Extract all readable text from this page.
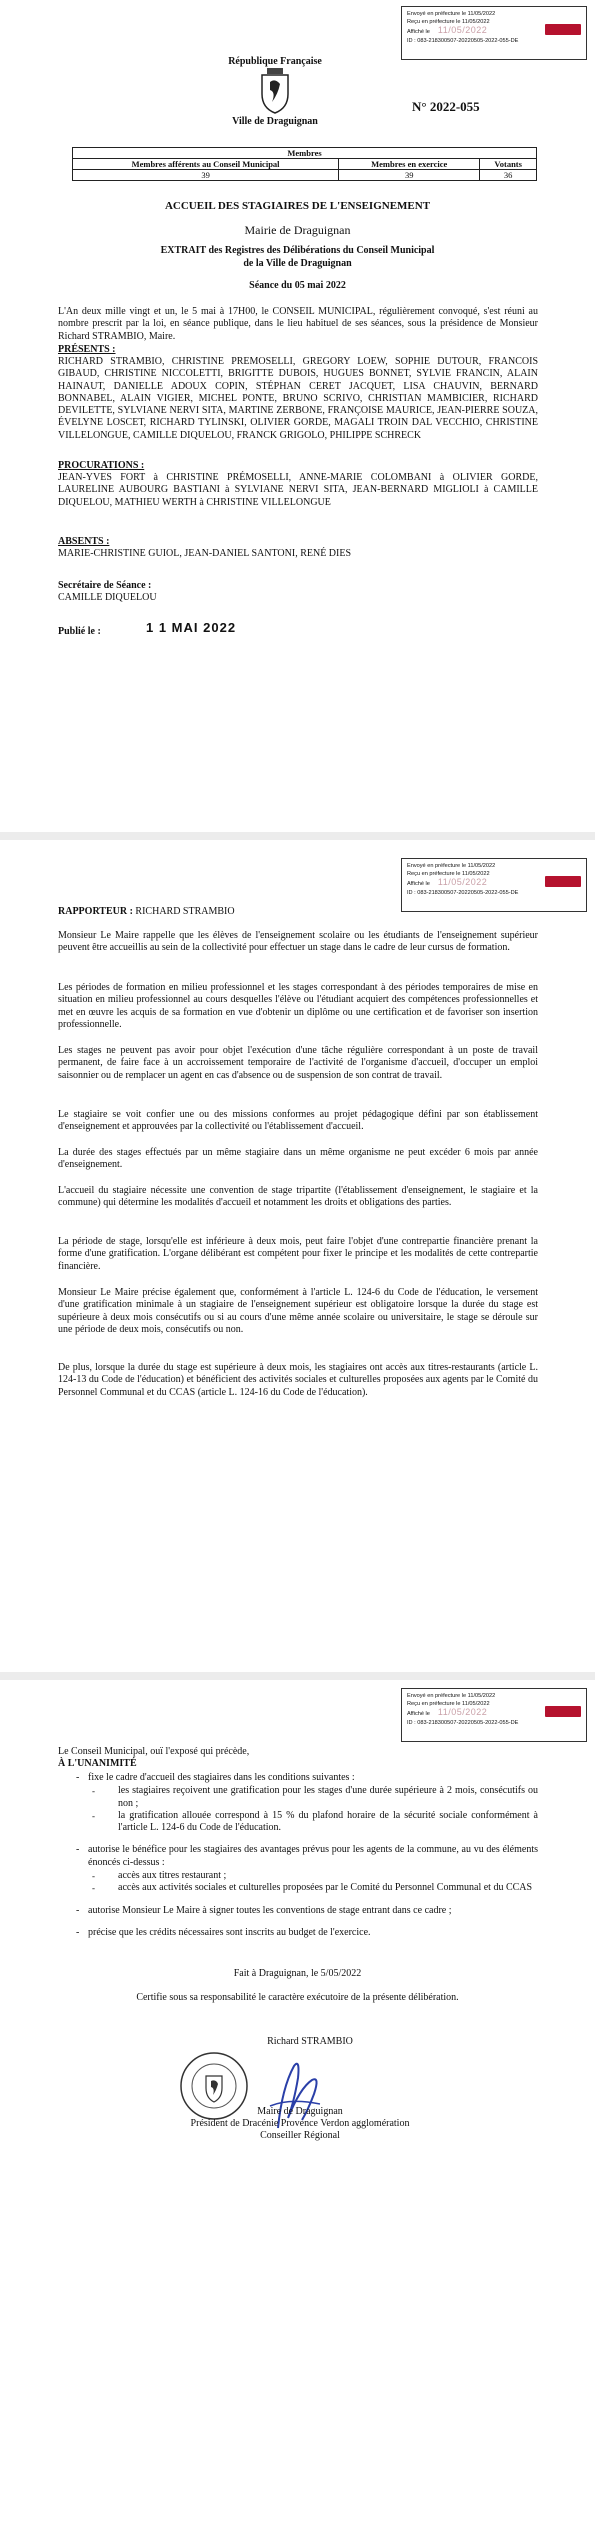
Envoyé en préfecture le 11/05/2022
Reçu en préfecture le 11/05/2022
Affiché le 11/05/2022
ID : 083-218300507-20220505-2022-055-DE
République Française
Ville de Draguignan
N° 2022-055
Membres		
Membres afférents au Conseil Municipal	Membres en exercice	Votants
39	39	36
ACCUEIL DES STAGIAIRES DE L'ENSEIGNEMENT
Mairie de Draguignan
EXTRAIT des Registres des Délibérations du Conseil Municipal
de la Ville de Draguignan
Séance du 05 mai 2022
L'An deux mille vingt et un, le 5 mai à 17H00, le CONSEIL MUNICIPAL, régulièrement convoqué, s'est réuni au nombre prescrit par la loi, en séance publique, dans le lieu habituel de ses séances, sous la présidence de Monsieur Richard STRAMBIO, Maire.
PRÉSENTS :
RICHARD STRAMBIO, CHRISTINE PREMOSELLI, GREGORY LOEW, SOPHIE DUTOUR, FRANCOIS GIBAUD, CHRISTINE NICCOLETTI, BRIGITTE DUBOIS, HUGUES BONNET, SYLVIE FRANCIN, ALAIN HAINAUT, DANIELLE ADOUX COPIN, STÉPHAN CERET JACQUET, LISA CHAUVIN, BERNARD BONNABEL, ALAIN VIGIER, MICHEL PONTE, BRUNO SCRIVO, CHRISTIAN MAMBICIER, RICHARD DEVILETTE, SYLVIANE NERVI SITA, MARTINE ZERBONE, FRANÇOISE MAURICE, JEAN-PIERRE SOUZA, ÉVELYNE LOSCET, RICHARD TYLINSKI, OLIVIER GORDE, MAGALI TROIN DAL VECCHIO, CHRISTINE VILLELONGUE, CAMILLE DIQUELOU, FRANCK GRIGOLO, PHILIPPE SCHRECK
PROCURATIONS :
JEAN-YVES FORT à CHRISTINE PRÉMOSELLI, ANNE-MARIE COLOMBANI à OLIVIER GORDE, LAURELINE AUBOURG BASTIANI à SYLVIANE NERVI SITA, JEAN-BERNARD MIGLIOLI à CAMILLE DIQUELOU, MATHIEU WERTH à CHRISTINE VILLELONGUE
ABSENTS :
MARIE-CHRISTINE GUIOL, JEAN-DANIEL SANTONI, RENÉ DIES
Secrétaire de Séance :
CAMILLE DIQUELOU
Publié le :	1 1 MAI 2022
Envoyé en préfecture le 11/05/2022
Reçu en préfecture le 11/05/2022
Affiché le 11/05/2022
ID : 083-218300507-20220505-2022-055-DE
RAPPORTEUR : RICHARD STRAMBIO
Monsieur Le Maire rappelle que les élèves de l'enseignement scolaire ou les étudiants de l'enseignement supérieur peuvent être accueillis au sein de la collectivité pour effectuer un stage dans le cadre de leur cursus de formation.
Les périodes de formation en milieu professionnel et les stages correspondant à des périodes temporaires de mise en situation en milieu professionnel au cours desquelles l'élève ou l'étudiant acquiert des compétences professionnelles et met en œuvre les acquis de sa formation en vue d'obtenir un diplôme ou une certification et de favoriser son insertion professionnelle.
Les stages ne peuvent pas avoir pour objet l'exécution d'une tâche régulière correspondant à un poste de travail permanent, de faire face à un accroissement temporaire de l'activité de l'organisme d'accueil, d'occuper un emploi saisonnier ou de remplacer un agent en cas d'absence ou de suspension de son contrat de travail.
Le stagiaire se voit confier une ou des missions conformes au projet pédagogique défini par son établissement d'enseignement et approuvées par la collectivité ou l'établissement d'accueil.
La durée des stages effectués par un même stagiaire dans un même organisme ne peut excéder 6 mois par année d'enseignement.
L'accueil du stagiaire nécessite une convention de stage tripartite (l'établissement d'enseignement, le stagiaire et la commune) qui détermine les modalités d'accueil et notamment les droits et obligations des parties.
La période de stage, lorsqu'elle est inférieure à deux mois, peut faire l'objet d'une contrepartie financière prenant la forme d'une gratification. L'organe délibérant est compétent pour fixer le principe et les modalités de cette contrepartie financière.
Monsieur Le Maire précise également que, conformément à l'article L. 124-6 du Code de l'éducation, le versement d'une gratification minimale à un stagiaire de l'enseignement supérieur est obligatoire lorsque la durée du stage est supérieure à deux mois consécutifs ou si au cours d'une même année scolaire ou universitaire, le stage se déroule sur une période de deux mois, consécutifs ou non.
De plus, lorsque la durée du stage est supérieure à deux mois, les stagiaires ont accès aux titres-restaurants (article L. 124-13 du Code de l'éducation) et bénéficient des activités sociales et culturelles proposées aux agents par le Comité du Personnel Communal et du CCAS (article L. 124-16 du Code de l'éducation).
Envoyé en préfecture le 11/05/2022
Reçu en préfecture le 11/05/2022
Affiché le 11/05/2022
ID : 083-218300507-20220505-2022-055-DE
Le Conseil Municipal, ouï l'exposé qui précède,
À L'UNANIMITÉ
- fixe le cadre d'accueil des stagiaires dans les conditions suivantes :
- les stagiaires reçoivent une gratification pour les stages d'une durée supérieure à 2 mois, consécutifs ou non ;
- la gratification allouée correspond à 15 % du plafond horaire de la sécurité sociale conformément à l'article L. 124-6 du Code de l'éducation.
- autorise le bénéfice pour les stagiaires des avantages prévus pour les agents de la commune, au vu des éléments énoncés ci-dessus :
- accès aux titres restaurant ;
- accès aux activités sociales et culturelles proposées par le Comité du Personnel Communal et du CCAS
- autorise Monsieur Le Maire à signer toutes les conventions de stage entrant dans ce cadre ;
- précise que les crédits nécessaires sont inscrits au budget de l'exercice.
Fait à Draguignan, le 5/05/2022
Certifie sous sa responsabilité le caractère exécutoire de la présente délibération.
Richard STRAMBIO
Maire de Draguignan
Président de Dracénie Provence Verdon agglomération
Conseiller Régional
